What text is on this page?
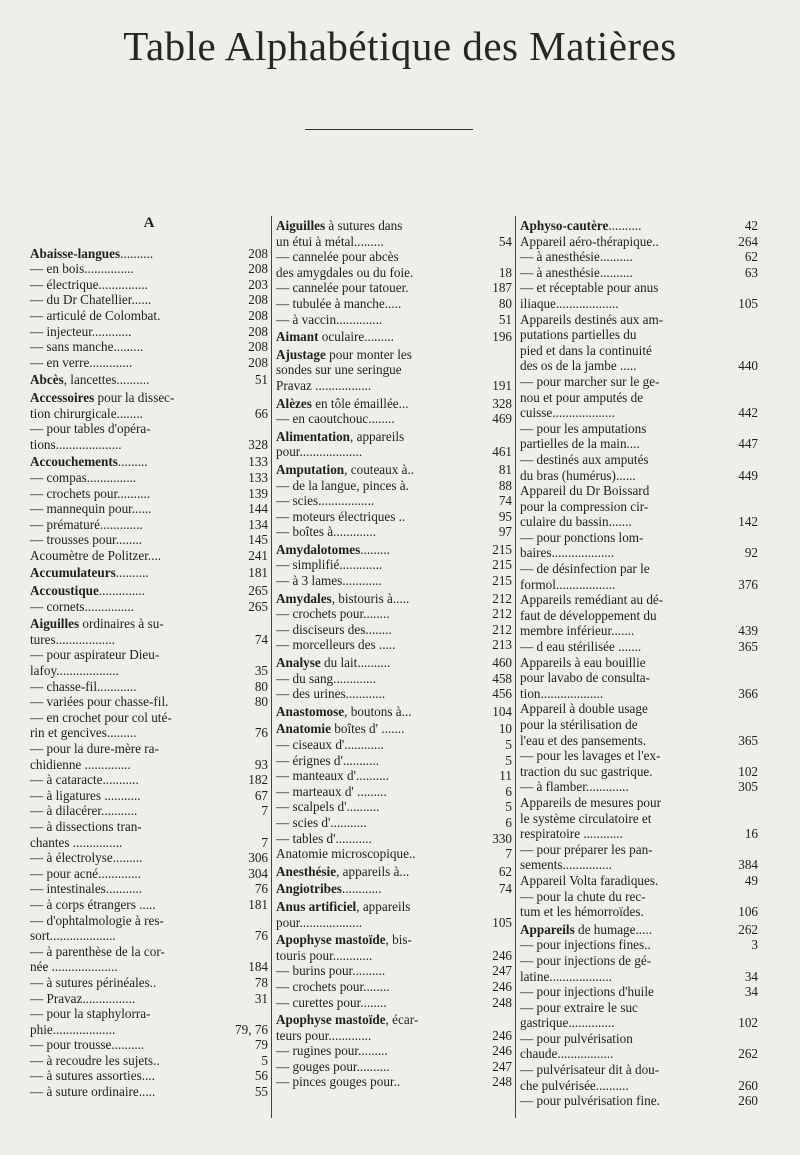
Table Alphabétique des Matières
A
Abaisse-langues..........	208
— en bois...............	208
— électrique...............	203
— du Dr Chatellier......	208
— articulé de Colombat.	208
— injecteur............	208
— sans manche.........	208
— en verre.............	208
Abcès, lancettes..........	51
Accessoires pour la dissec-
tion chirurgicale........	66
— pour tables d'opéra-
tions....................	328
Accouchements.........	133
— compas...............	133
— crochets pour..........	139
— mannequin pour......	144
— prématuré.............	134
— trousses pour........	145
Acoumètre de Politzer....	241
Accumulateurs..........	181
Accoustique..............	265
— cornets...............	265
Aiguilles ordinaires à su-
tures..................	74
— pour aspirateur Dieu-
lafoy...................	35
— chasse-fil............	80
— variées pour chasse-fil.	80
— en crochet pour col uté-
rin et gencives.........	76
— pour la dure-mère ra-
chidienne ..............	93
— à cataracte...........	182
— à ligatures ...........	67
— à dilacérer...........	7
— à dissections tran-
chantes ...............	7
— à électrolyse.........	306
— pour acné.............	304
— intestinales...........	76
— à corps étrangers .....	181
— d'ophtalmologie à res-
sort....................	76
— à parenthèse de la cor-
née ....................	184
— à sutures périnéales..	78
— Pravaz................	31
— pour la staphylorra-
phie...................	79, 76
— pour trousse..........	79
— à recoudre les sujets..	5
— à sutures assorties....	56
— à suture ordinaire.....	55
Aiguilles à sutures dans
un étui à métal.........	54
— cannelée pour abcès
des amygdales ou du foie.	18
— cannelée pour tatouer.	187
— tubulée à manche.....	80
— à vaccin..............	51
Aimant oculaire.........	196
Ajustage pour monter les
sondes sur une seringue
Pravaz .................	191
Alèzes en tôle émaillée...	328
— en caoutchouc........	469
Alimentation, appareils
pour...................	461
Amputation, couteaux à..	81
— de la langue, pinces à.	88
— scies.................	74
— moteurs électriques ..	95
— boîtes à.............	97
Amydalotomes.........	215
— simplifié.............	215
— à 3 lames............	215
Amydales, bistouris à.....	212
— crochets pour........	212
— disciseurs des........	212
— morcelleurs des .....	213
Analyse du lait..........	460
— du sang.............	458
— des urines............	456
Anastomose, boutons à...	104
Anatomie boîtes d' .......	10
— ciseaux d'............	5
— érignes d'...........	5
— manteaux d'..........	11
— marteaux d' .........	6
— scalpels d'..........	5
— scies d'...........	6
— tables d'...........	330
Anatomie microscopique..	7
Anesthésie, appareils à...	62
Angiotribes............	74
Anus artificiel, appareils
pour...................	105
Apophyse mastoïde, bis-
touris pour............	246
— burins pour..........	247
— crochets pour........	246
— curettes pour........	248
Apophyse mastoïde, écar-
teurs pour.............	246
— rugines pour.........	246
— gouges pour..........	247
— pinces gouges pour..	248
Aphyso-cautère..........	42
Appareil aéro-thérapique..	264
— à anesthésie..........	62
— à anesthésie..........	63
— et réceptable pour anus
iliaque...................	105
Appareils destinés aux am-
putations partielles du
pied et dans la continuité
des os de la jambe .....	440
— pour marcher sur le ge-
nou et pour amputés de
cuisse...................	442
— pour les amputations
partielles de la main....	447
— destinés aux amputés
du bras (humérus)......	449
Appareil du Dr Boissard
pour la compression cir-
culaire du bassin.......	142
— pour ponctions lom-
baires...................	92
— de désinfection par le
formol..................	376
Appareils remédiant au dé-
faut de développement du
membre inférieur.......	439
— d eau stérilisée .......	365
Appareils à eau bouillie
pour lavabo de consulta-
tion...................	366
Appareil à double usage
pour la stérilisation de
l'eau et des pansements.	365
— pour les lavages et l'ex-
traction du suc gastrique.	102
— à flamber.............	305
Appareils de mesures pour
le système circulatoire et
respiratoire ............	16
— pour préparer les pan-
sements...............	384
Appareil Volta faradiques.	49
— pour la chute du rec-
tum et les hémorroïdes.	106
Appareils de humage.....	262
— pour injections fines..	3
— pour injections de gé-
latine...................	34
— pour injections d'huile	34
— pour extraire le suc
gastrique..............	102
— pour pulvérisation
chaude.................	262
— pulvérisateur dit à dou-
che pulvérisée..........	260
— pour pulvérisation fine.	260
